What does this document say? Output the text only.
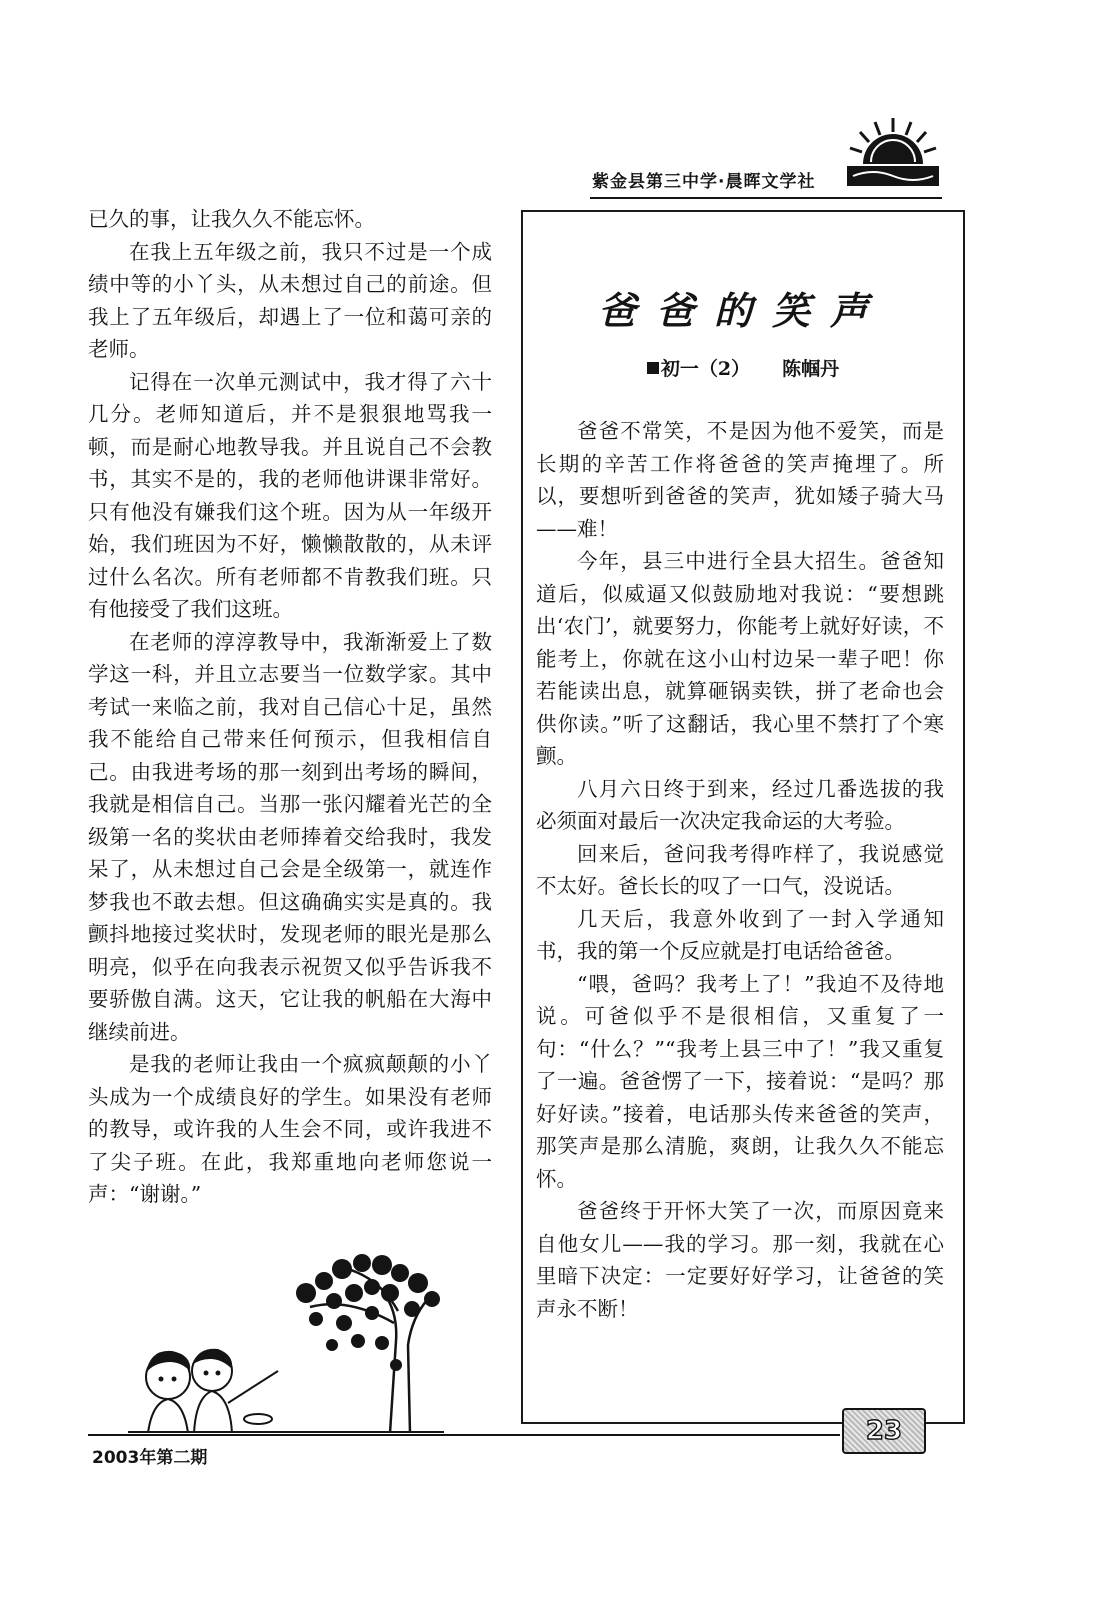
紫金县第三中学·晨晖文学社

已久的事，让我久久不能忘怀。

在我上五年级之前，我只不过是一个成绩中等的小丫头，从未想过自己的前途。但我上了五年级后，却遇上了一位和蔼可亲的老师。

记得在一次单元测试中，我才得了六十几分。老师知道后，并不是狠狠地骂我一顿，而是耐心地教导我。并且说自己不会教书，其实不是的，我的老师他讲课非常好。只有他没有嫌我们这个班。因为从一年级开始，我们班因为不好，懒懒散散的，从未评过什么名次。所有老师都不肯教我们班。只有他接受了我们这班。

在老师的淳淳教导中，我渐渐爱上了数学这一科，并且立志要当一位数学家。其中考试一来临之前，我对自己信心十足，虽然我不能给自己带来任何预示，但我相信自己。由我进考场的那一刻到出考场的瞬间，我就是相信自己。当那一张闪耀着光芒的全级第一名的奖状由老师捧着交给我时，我发呆了，从未想过自己会是全级第一，就连作梦我也不敢去想。但这确确实实是真的。我颤抖地接过奖状时，发现老师的眼光是那么明亮，似乎在向我表示祝贺又似乎告诉我不要骄傲自满。这天，它让我的帆船在大海中继续前进。

是我的老师让我由一个疯疯颠颠的小丫头成为一个成绩良好的学生。如果没有老师的教导，或许我的人生会不同，或许我进不了尖子班。在此，我郑重地向老师您说一声：“谢谢。”

爸爸的笑声
初一（2） 陈帼丹

爸爸不常笑，不是因为他不爱笑，而是长期的辛苦工作将爸爸的笑声掩埋了。所以，要想听到爸爸的笑声，犹如矮子骑大马——难！

今年，县三中进行全县大招生。爸爸知道后，似威逼又似鼓励地对我说：“要想跳出‘农门’，就要努力，你能考上就好好读，不能考上，你就在这小山村边呆一辈子吧！你若能读出息，就算砸锅卖铁，拼了老命也会供你读。”听了这翻话，我心里不禁打了个寒颤。

八月六日终于到来，经过几番选拔的我必须面对最后一次决定我命运的大考验。

回来后，爸问我考得咋样了，我说感觉不太好。爸长长的叹了一口气，没说话。

几天后，我意外收到了一封入学通知书，我的第一个反应就是打电话给爸爸。

“喂，爸吗？我考上了！”我迫不及待地说。可爸似乎不是很相信，又重复了一句：“什么？”“我考上县三中了！”我又重复了一遍。爸爸愣了一下，接着说：“是吗？那好好读。”接着，电话那头传来爸爸的笑声，那笑声是那么清脆，爽朗，让我久久不能忘怀。

爸爸终于开怀大笑了一次，而原因竟来自他女儿——我的学习。那一刻，我就在心里暗下决定：一定要好好学习，让爸爸的笑声永不断！

2003年第二期
23
